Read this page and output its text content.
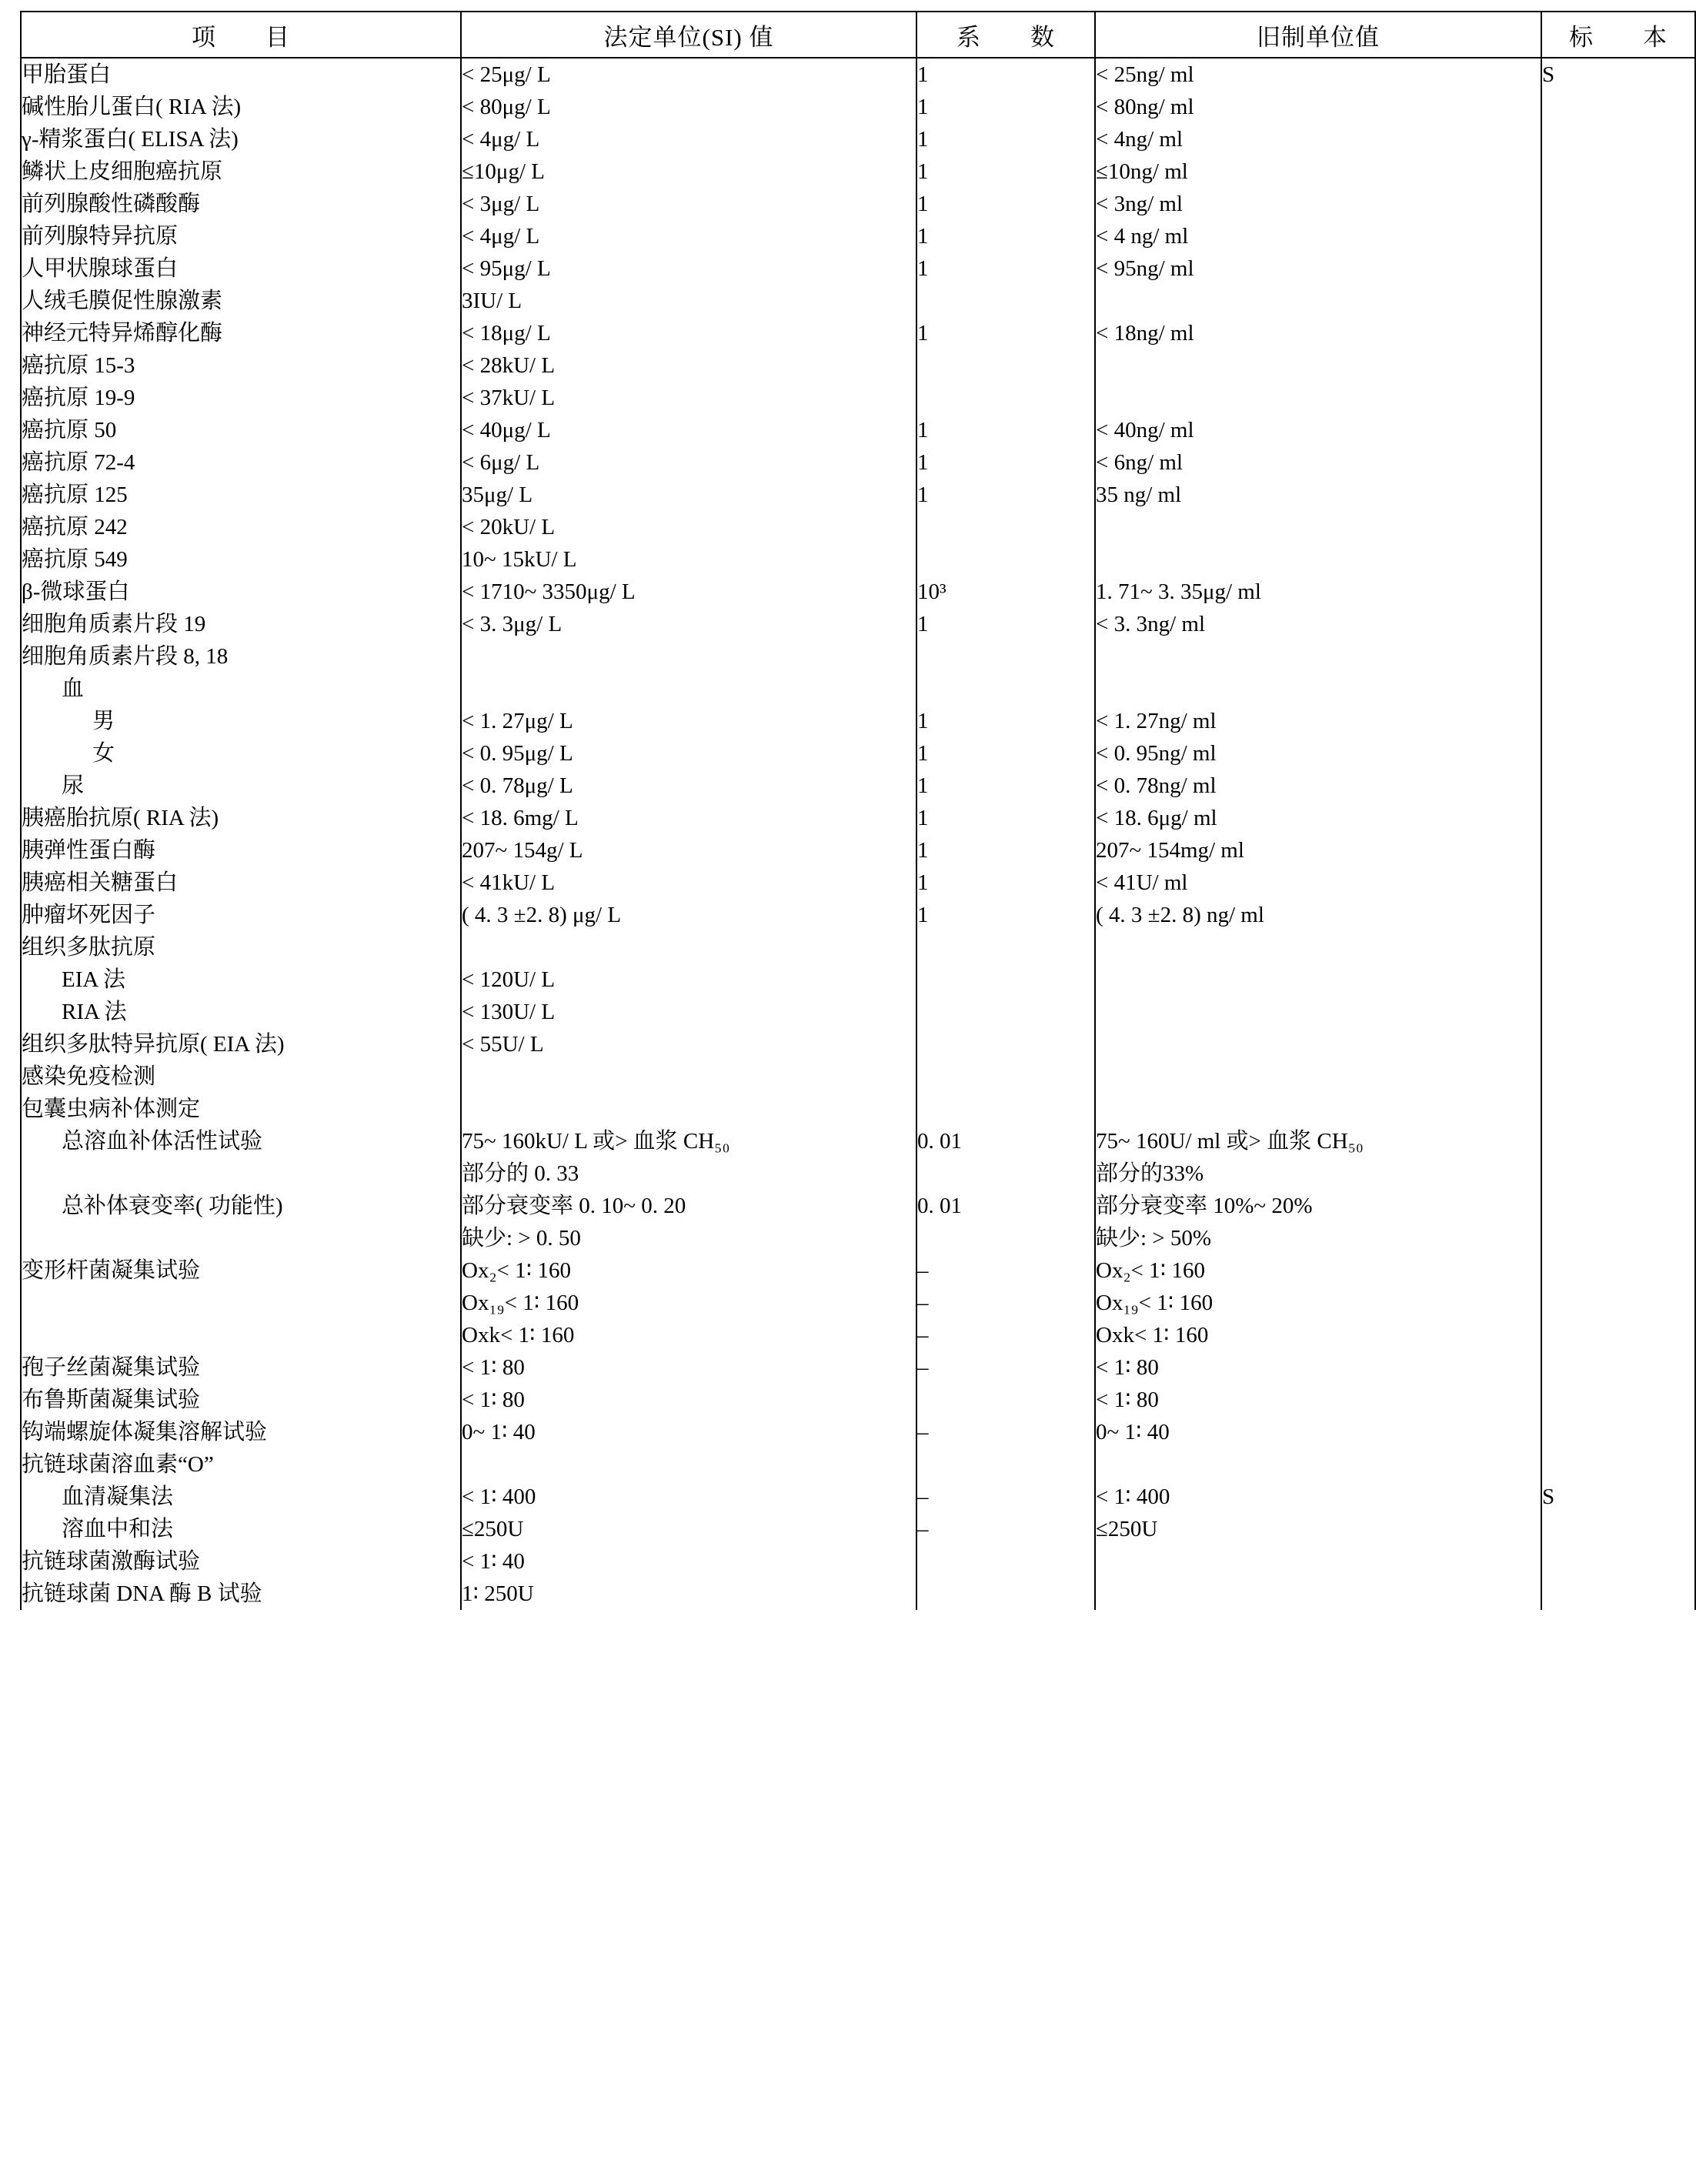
项　　目	法定单位(SI) 值	系　　数	旧制单位值	标　　本
甲胎蛋白	< 25μg/ L	1	< 25ng/ ml	S
碱性胎儿蛋白( RIA 法)	< 80μg/ L	1	< 80ng/ ml	
γ-精浆蛋白( ELISA 法)	< 4μg/ L	1	< 4ng/ ml	
鳞状上皮细胞癌抗原	≤10μg/ L	1	≤10ng/ ml	
前列腺酸性磷酸酶	< 3μg/ L	1	< 3ng/ ml	
前列腺特异抗原	< 4μg/ L	1	< 4 ng/ ml	
人甲状腺球蛋白	< 95μg/ L	1	< 95ng/ ml	
人绒毛膜促性腺激素	3IU/ L			
神经元特异烯醇化酶	< 18μg/ L	1	< 18ng/ ml	
癌抗原 15-3	< 28kU/ L			
癌抗原 19-9	< 37kU/ L			
癌抗原 50	< 40μg/ L	1	< 40ng/ ml	
癌抗原 72-4	< 6μg/ L	1	< 6ng/ ml	
癌抗原 125	35μg/ L	1	35 ng/ ml	
癌抗原 242	< 20kU/ L			
癌抗原 549	10~ 15kU/ L			
β-微球蛋白	< 1710~ 3350μg/ L	10³	1. 71~ 3. 35μg/ ml	
细胞角质素片段 19	< 3. 3μg/ L	1	< 3. 3ng/ ml	
细胞角质素片段 8, 18				
血				
男	< 1. 27μg/ L	1	< 1. 27ng/ ml	
女	< 0. 95μg/ L	1	< 0. 95ng/ ml	
尿	< 0. 78μg/ L	1	< 0. 78ng/ ml	
胰癌胎抗原( RIA 法)	< 18. 6mg/ L	1	< 18. 6μg/ ml	
胰弹性蛋白酶	207~ 154g/ L	1	207~ 154mg/ ml	
胰癌相关糖蛋白	< 41kU/ L	1	< 41U/ ml	
肿瘤坏死因子	( 4. 3 ±2. 8) μg/ L	1	( 4. 3 ±2. 8) ng/ ml	
组织多肽抗原				
EIA 法	< 120U/ L			
RIA 法	< 130U/ L			
组织多肽特异抗原( EIA 法)	< 55U/ L			
感染免疫检测				
包囊虫病补体测定				
总溶血补体活性试验	75~ 160kU/ L 或> 血浆 CH₅₀	0. 01	75~ 160U/ ml 或> 血浆 CH₅₀	
	部分的 0. 33		部分的33%	
总补体衰变率( 功能性)	部分衰变率 0. 10~ 0. 20	0. 01	部分衰变率 10%~ 20%	
	缺少: > 0. 50		缺少: > 50%	
变形杆菌凝集试验	Ox₂< 1∶ 160	–	Ox₂< 1∶ 160	
	Ox₁₉< 1∶ 160	–	Ox₁₉< 1∶ 160	
	Oxk< 1∶ 160	–	Oxk< 1∶ 160	
孢子丝菌凝集试验	< 1∶ 80	–	< 1∶ 80	
布鲁斯菌凝集试验	< 1∶ 80		< 1∶ 80	
钩端螺旋体凝集溶解试验	0~ 1∶ 40	–	0~ 1∶ 40	
抗链球菌溶血素“O”				
血清凝集法	< 1∶ 400	–	< 1∶ 400	S
溶血中和法	≤250U	–	≤250U	
抗链球菌激酶试验	< 1∶ 40			
抗链球菌 DNA 酶 B 试验	1∶ 250U			
